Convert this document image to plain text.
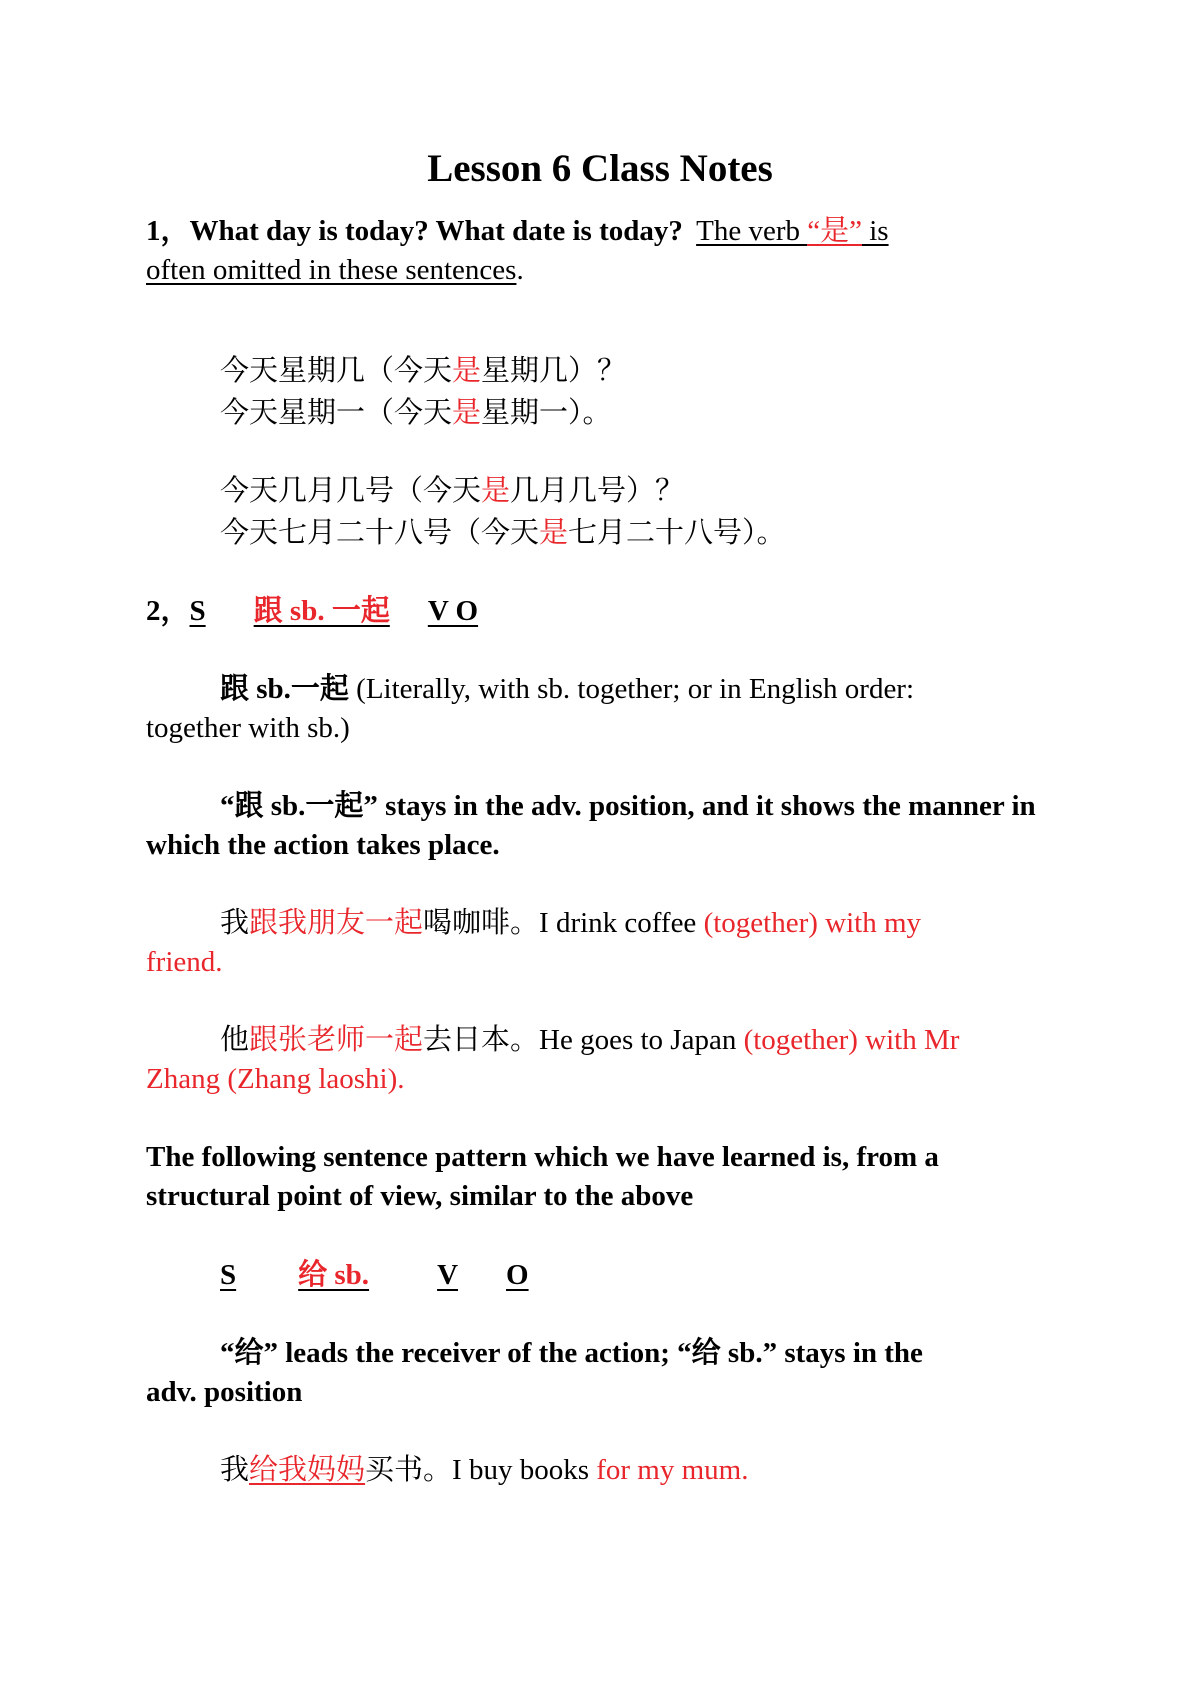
Lesson 6 Class Notes
1，What day is today? What date is today? The verb “是” is
often omitted in these sentences.
今天星期几（今天是星期几）？
今天星期一（今天是星期一）。
今天几月几号（今天是几月几号）？
今天七月二十八号（今天是七月二十八号）。
2，S 跟 sb. 一起 V O
跟 sb.一起 (Literally, with sb. together; or in English order:
together with sb.)
“跟 sb.一起” stays in the adv. position, and it shows the manner in which the action takes place.
我跟我朋友一起喝咖啡。I drink coffee (together) with my
friend.
他跟张老师一起去日本。He goes to Japan (together) with Mr
Zhang (Zhang laoshi).
The following sentence pattern which we have learned is, from a structural point of view, similar to the above
S 给 sb. V O
“给” leads the receiver of the action; “给 sb.” stays in the
adv. position
我给我妈妈买书。I buy books for my mum.
